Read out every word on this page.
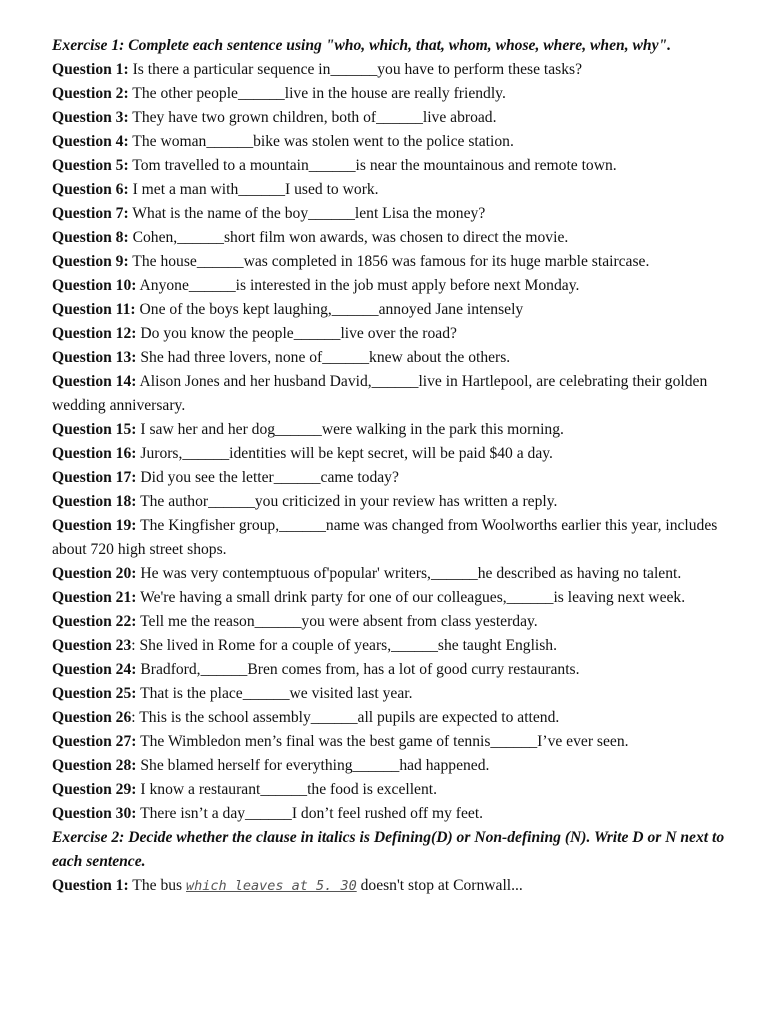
Exercise 1: Complete each sentence using "who, which, that, whom, whose, where, when, why".

Question 1: Is there a particular sequence in______you have to perform these tasks?

Question 2: The other people______live in the house are really friendly.

Question 3: They have two grown children, both of______live abroad.

Question 4: The woman______bike was stolen went to the police station.

Question 5: Tom travelled to a mountain______is near the mountainous and remote town.

Question 6: I met a man with______I used to work.

Question 7: What is the name of the boy______lent Lisa the money?

Question 8: Cohen,______short film won awards, was chosen to direct the movie.

Question 9: The house______was completed in 1856 was famous for its huge marble staircase.

Question 10: Anyone______is interested in the job must apply before next Monday.

Question 11: One of the boys kept laughing,______annoyed Jane intensely

Question 12: Do you know the people______live over the road?

Question 13: She had three lovers, none of______knew about the others.

Question 14: Alison Jones and her husband David,______live in Hartlepool, are celebrating their golden wedding anniversary.

Question 15: I saw her and her dog______were walking in the park this morning.

Question 16: Jurors,______identities will be kept secret, will be paid $40 a day.

Question 17: Did you see the letter______came today?

Question 18: The author______you criticized in your review has written a reply.

Question 19: The Kingfisher group,______name was changed from Woolworths earlier this year, includes about 720 high street shops.

Question 20: He was very contemptuous of'popular' writers,______he described as having no talent.

Question 21: We're having a small drink party for one of our colleagues,______is leaving next week.

Question 22: Tell me the reason______you were absent from class yesterday.

Question 23: She lived in Rome for a couple of years,______she taught English.

Question 24: Bradford,______Bren comes from, has a lot of good curry restaurants.

Question 25: That is the place______we visited last year.

Question 26: This is the school assembly______all pupils are expected to attend.

Question 27: The Wimbledon men’s final was the best game of tennis______I’ve ever seen.

Question 28: She blamed herself for everything______had happened.

Question 29: I know a restaurant______the food is excellent.

Question 30: There isn’t a day______I don’t feel rushed off my feet.

Exercise 2: Decide whether the clause in italics is Defining(D) or Non-defining (N). Write D or N next to each sentence.

Question 1: The bus which leaves at 5. 30 doesn't stop at Cornwall...
